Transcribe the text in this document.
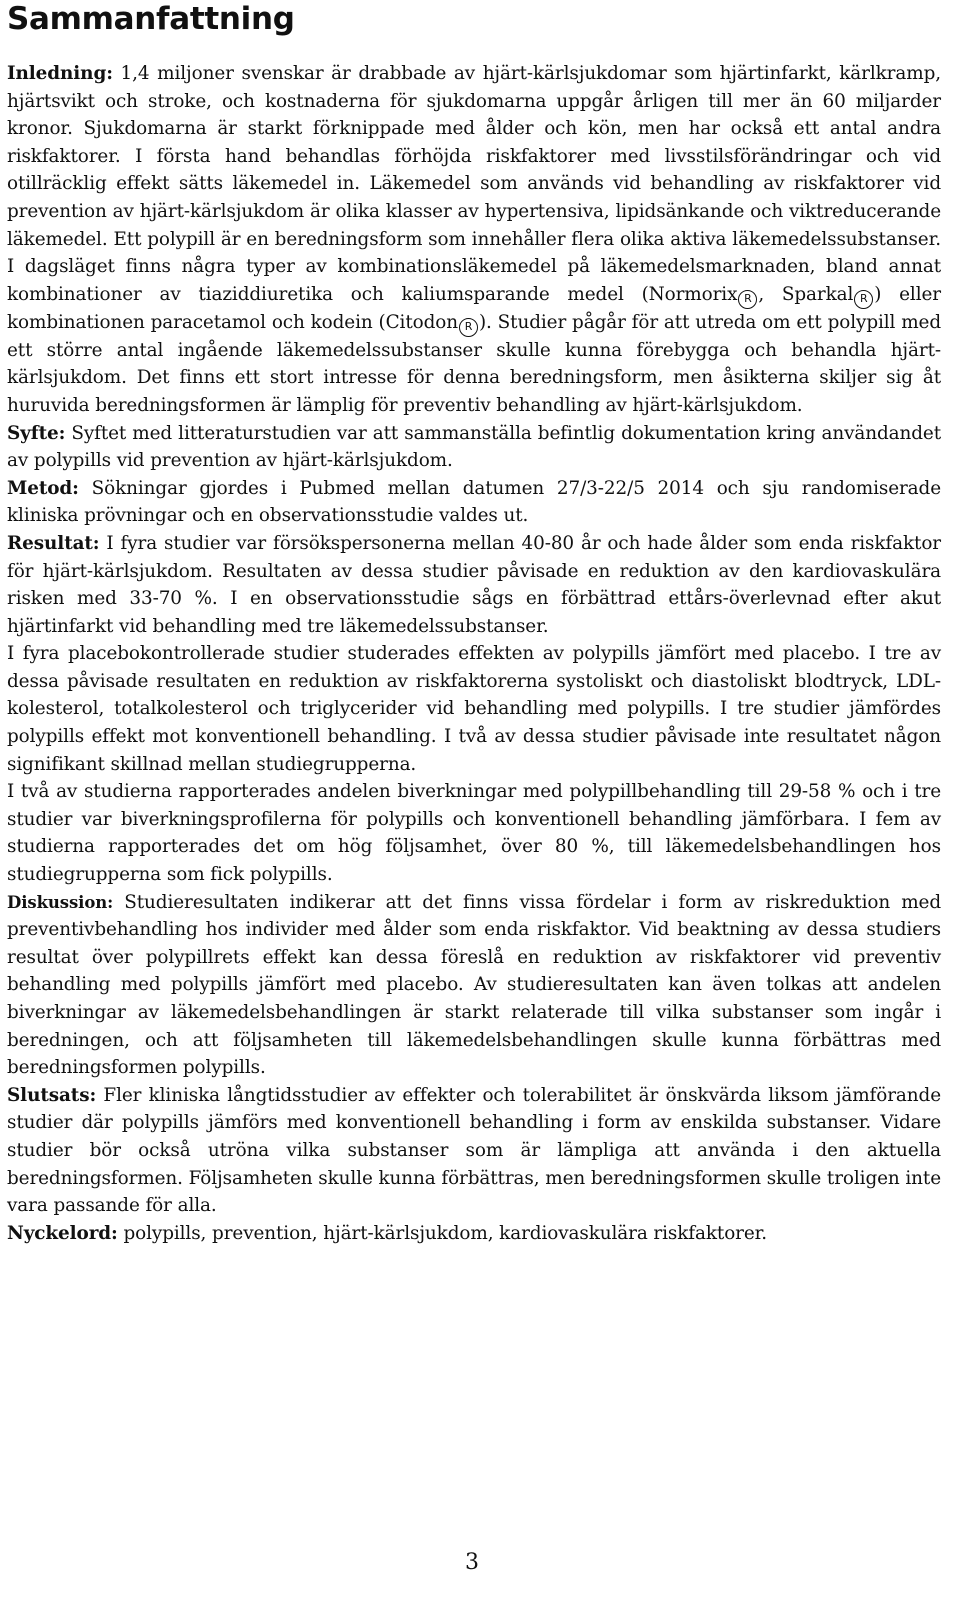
Sammanfattning

Inledning: 1,4 miljoner svenskar är drabbade av hjärt-kärlsjukdomar som hjärtinfarkt, kärlkramp, hjärtsvikt och stroke, och kostnaderna för sjukdomarna uppgår årligen till mer än 60 miljarder kronor. Sjukdomarna är starkt förknippade med ålder och kön, men har också ett antal andra riskfaktorer. I första hand behandlas förhöjda riskfaktorer med livsstilsförändringar och vid otillräcklig effekt sätts läkemedel in. Läkemedel som används vid behandling av riskfaktorer vid prevention av hjärt-kärlsjukdom är olika klasser av hypertensiva, lipidsänkande och viktreducerande läkemedel. Ett polypill är en beredningsform som innehåller flera olika aktiva läkemedelssubstanser. I dagsläget finns några typer av kombinationsläkemedel på läkemedelsmarknaden, bland annat kombinationer av tiaziddiuretika och kaliumsparande medel (Normorix R , Sparkal R ) eller kombinationen paracetamol och kodein (Citodon R ). Studier pågår för att utreda om ett polypill med ett större antal ingående läkemedelssubstanser skulle kunna förebygga och behandla hjärt-kärlsjukdom. Det finns ett stort intresse för denna beredningsform, men åsikterna skiljer sig åt huruvida beredningsformen är lämplig för preventiv behandling av hjärt-kärlsjukdom.

Syfte: Syftet med litteraturstudien var att sammanställa befintlig dokumentation kring användandet av polypills vid prevention av hjärt-kärlsjukdom.

Metod: Sökningar gjordes i Pubmed mellan datumen 27/3-22/5 2014 och sju randomiserade kliniska prövningar och en observationsstudie valdes ut.

Resultat: I fyra studier var försökspersonerna mellan 40-80 år och hade ålder som enda riskfaktor för hjärt-kärlsjukdom. Resultaten av dessa studier påvisade en reduktion av den kardiovaskulära risken med 33-70 %. I en observationsstudie sågs en förbättrad ettårs-överlevnad efter akut hjärtinfarkt vid behandling med tre läkemedelssubstanser.

I fyra placebokontrollerade studier studerades effekten av polypills jämfört med placebo. I tre av dessa påvisade resultaten en reduktion av riskfaktorerna systoliskt och diastoliskt blodtryck, LDL-kolesterol, totalkolesterol och triglycerider vid behandling med polypills. I tre studier jämfördes polypills effekt mot konventionell behandling. I två av dessa studier påvisade inte resultatet någon signifikant skillnad mellan studiegrupperna.

I två av studierna rapporterades andelen biverkningar med polypillbehandling till 29-58 % och i tre studier var biverkningsprofilerna för polypills och konventionell behandling jämförbara. I fem av studierna rapporterades det om hög följsamhet, över 80 %, till läkemedelsbehandlingen hos studiegrupperna som fick polypills.

Diskussion: Studieresultaten indikerar att det finns vissa fördelar i form av riskreduktion med preventivbehandling hos individer med ålder som enda riskfaktor. Vid beaktning av dessa studiers resultat över polypillrets effekt kan dessa föreslå en reduktion av riskfaktorer vid preventiv behandling med polypills jämfört med placebo. Av studieresultaten kan även tolkas att andelen biverkningar av läkemedelsbehandlingen är starkt relaterade till vilka substanser som ingår i beredningen, och att följsamheten till läkemedelsbehandlingen skulle kunna förbättras med beredningsformen polypills.

Slutsats: Fler kliniska långtidsstudier av effekter och tolerabilitet är önskvärda liksom jämförande studier där polypills jämförs med konventionell behandling i form av enskilda substanser. Vidare studier bör också utröna vilka substanser som är lämpliga att använda i den aktuella beredningsformen. Följsamheten skulle kunna förbättras, men beredningsformen skulle troligen inte vara passande för alla.

Nyckelord: polypills, prevention, hjärt-kärlsjukdom, kardiovaskulära riskfaktorer.

3
